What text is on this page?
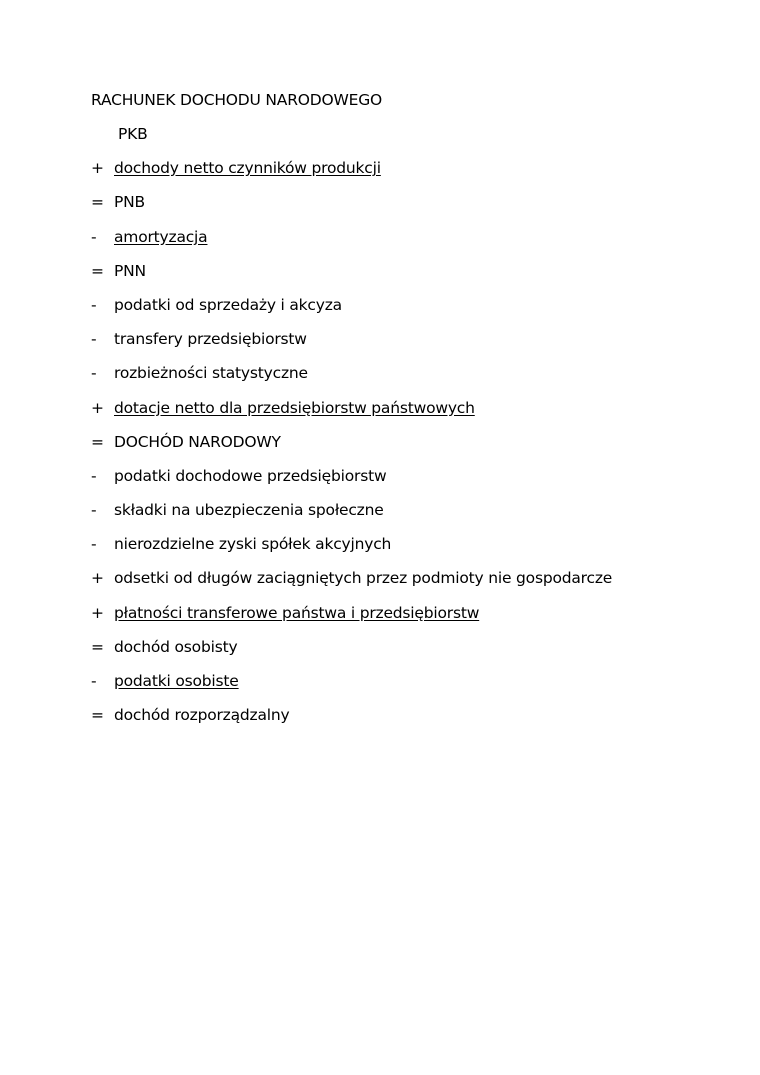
RACHUNEK DOCHODU NARODOWEGO
PKB
+ dochody netto czynników produkcji
= PNB
-	amortyzacja
= PNN
-	podatki od sprzedaży i akcyza
-	transfery przedsiębiorstw
-	rozbieżności statystyczne
+ dotacje netto dla przedsiębiorstw państwowych
= DOCHÓD NARODOWY
-	podatki dochodowe przedsiębiorstw
-	składki na ubezpieczenia społeczne
-	nierozdzielne zyski spółek akcyjnych
+ odsetki od długów zaciągniętych przez podmioty nie gospodarcze
+ płatności transferowe państwa i przedsiębiorstw
= dochód osobisty
-	podatki osobiste
= dochód rozporządzalny
